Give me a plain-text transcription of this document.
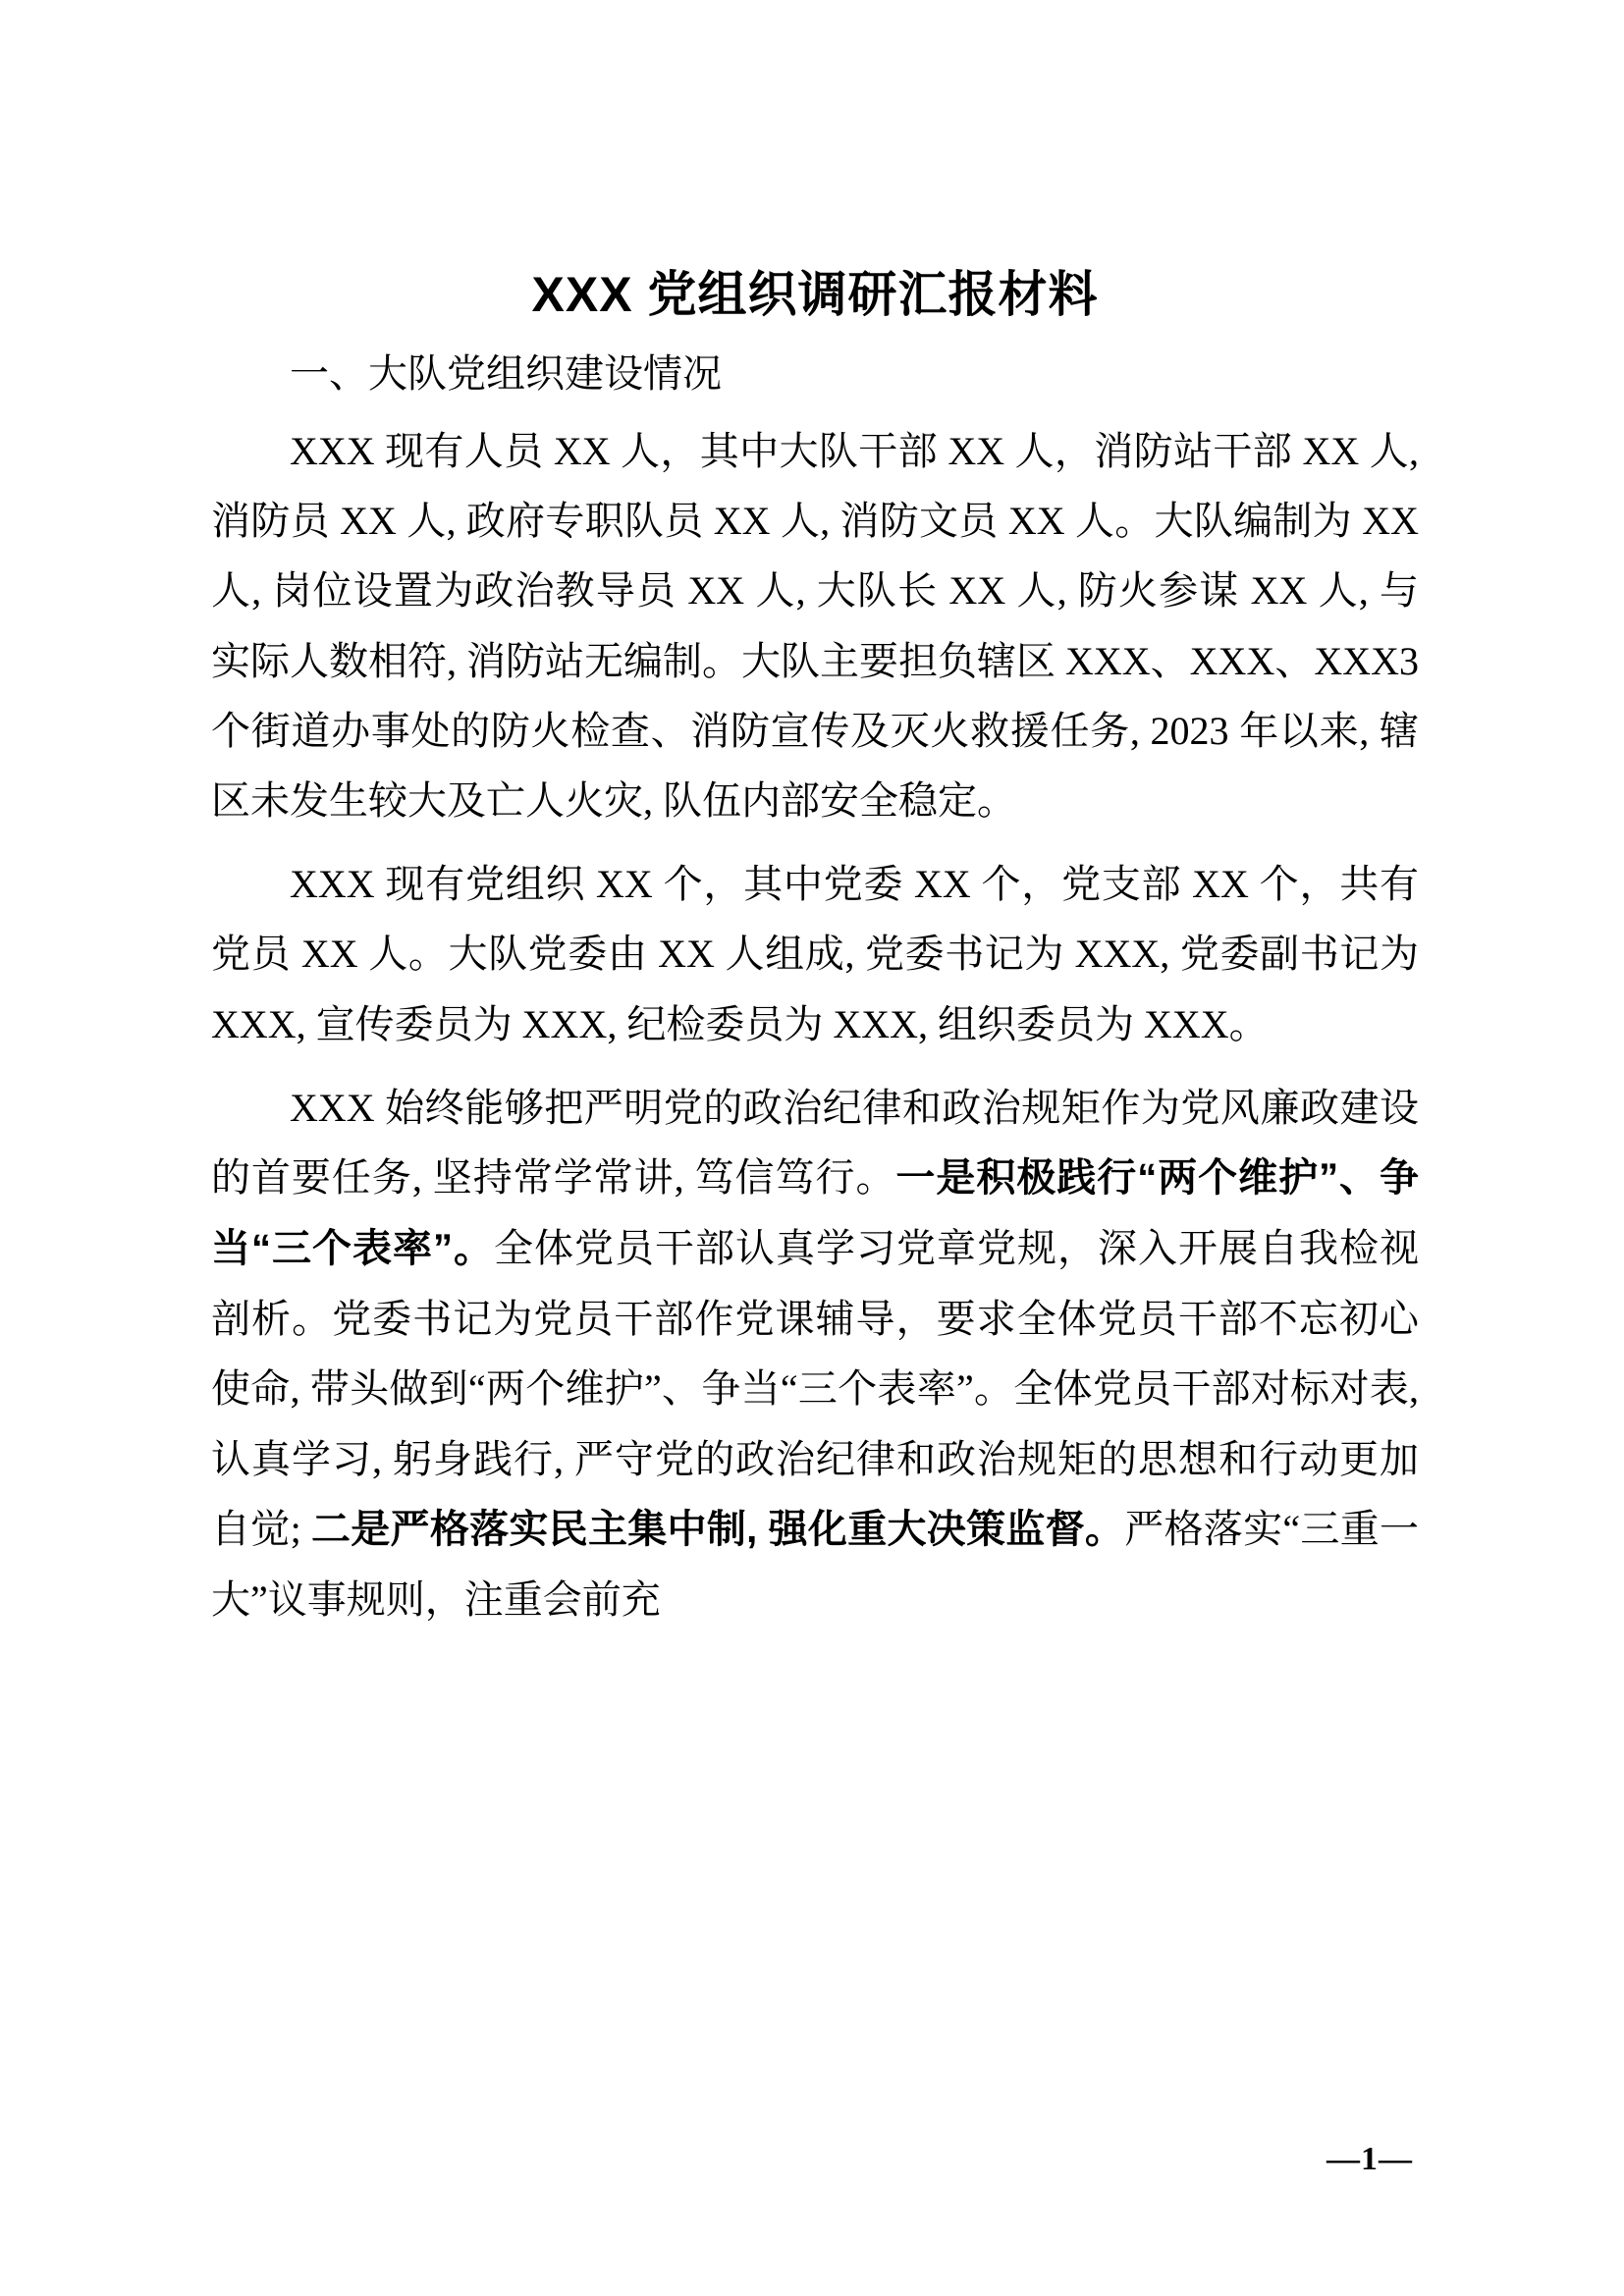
XXX 党组织调研汇报材料
一、大队党组织建设情况

XXX 现有人员 XX 人，其中大队干部 XX 人，消防站干部 XX 人, 消防员 XX 人, 政府专职队员 XX 人, 消防文员 XX 人。大队编制为 XX 人, 岗位设置为政治教导员 XX 人, 大队长 XX 人, 防火参谋 XX 人, 与实际人数相符, 消防站无编制。大队主要担负辖区 XXX、XXX、XXX3 个街道办事处的防火检查、消防宣传及灭火救援任务, 2023 年以来, 辖区未发生较大及亡人火灾, 队伍内部安全稳定。

XXX 现有党组织 XX 个，其中党委 XX 个，党支部 XX 个，共有党员 XX 人。大队党委由 XX 人组成, 党委书记为 XXX, 党委副书记为 XXX, 宣传委员为 XXX, 纪检委员为 XXX, 组织委员为 XXX。

XXX 始终能够把严明党的政治纪律和政治规矩作为党风廉政建设的首要任务, 坚持常学常讲, 笃信笃行。一是积极践行“两个维护”、争当“三个表率”。全体党员干部认真学习党章党规，深入开展自我检视剖析。党委书记为党员干部作党课辅导，要求全体党员干部不忘初心使命, 带头做到“两个维护”、争当“三个表率”。全体党员干部对标对表, 认真学习, 躬身践行, 严守党的政治纪律和政治规矩的思想和行动更加自觉; 二是严格落实民主集中制, 强化重大决策监督。严格落实“三重一大”议事规则，注重会前充

—1—
